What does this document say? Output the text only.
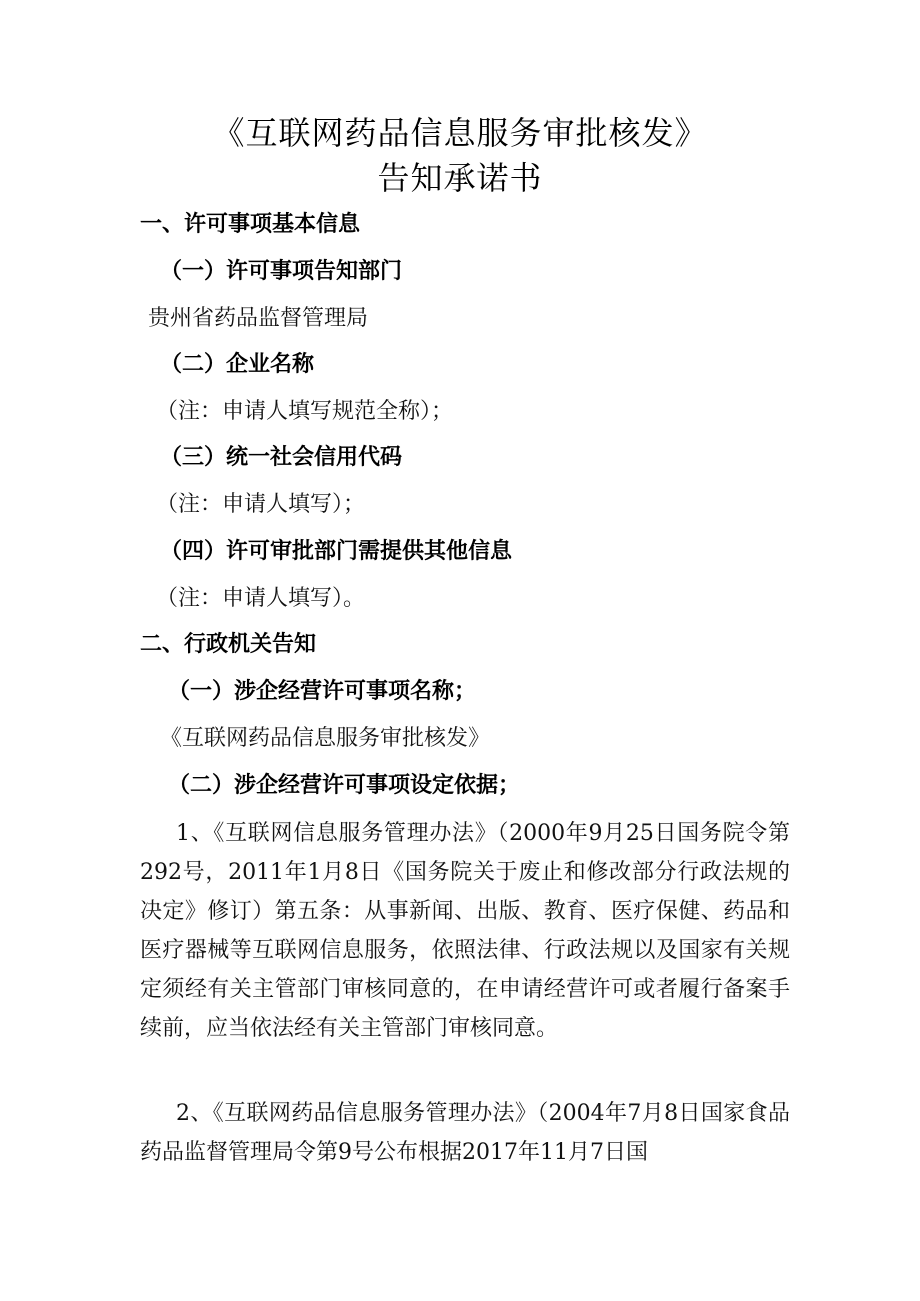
《互联网药品信息服务审批核发》
告知承诺书
一、许可事项基本信息
（一）许可事项告知部门
贵州省药品监督管理局
（二）企业名称
（注：申请人填写规范全称）；
（三）统一社会信用代码
（注：申请人填写）；
（四）许可审批部门需提供其他信息
（注：申请人填写）。
二、行政机关告知
（一）涉企经营许可事项名称；
《互联网药品信息服务审批核发》
（二）涉企经营许可事项设定依据；
1、《互联网信息服务管理办法》（2000年9月25日国务院令第292号，2011年1月8日《国务院关于废止和修改部分行政法规的决定》修订）第五条：从事新闻、出版、教育、医疗保健、药品和医疗器械等互联网信息服务，依照法律、行政法规以及国家有关规定须经有关主管部门审核同意的，在申请经营许可或者履行备案手续前，应当依法经有关主管部门审核同意。
2、《互联网药品信息服务管理办法》（2004年7月8日国家食品药品监督管理局令第9号公布根据2017年11月7日国
